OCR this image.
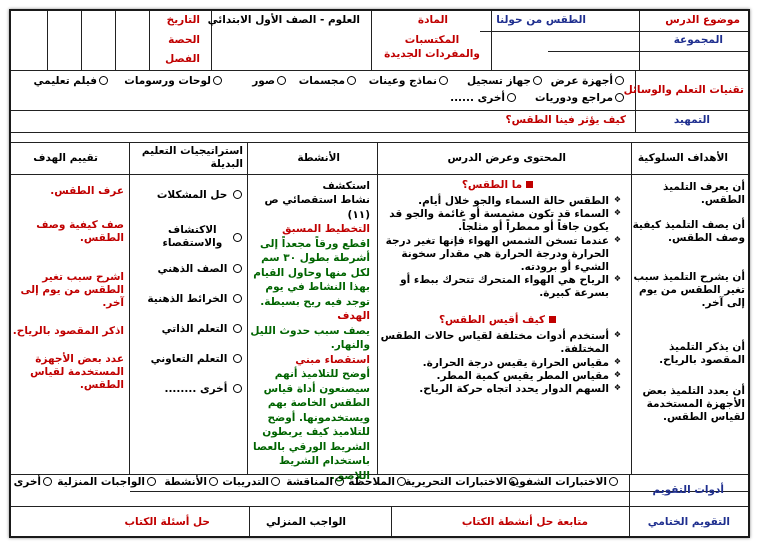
موضوع الدرس
المجموعة
الطقس من حولنا
المادة
المكتسبات والمفردات الجديدة
العلوم - الصف الأول الابتدائي
التاريخ
الحصة
الفصل
تقنيات التعلم والوسائل
أجهزة عرض
جهاز تسجيل
نماذج وعينات
مجسمات
صور
لوحات ورسومات
فيلم تعليمي
مراجع ودوريات
أخرى ......
التمهيد
كيف يؤثر فينا الطقس؟
الأهداف السلوكية
المحتوى وعرض الدرس
الأنشطة
استراتيجيات التعليم البديلة
تقييم الهدف
أن يعرف التلميذ الطقس.
أن يصف التلميذ كيفية وصف الطقس.
أن يشرح التلميذ سبب تغير الطقس من يوم إلى آخر.
أن يذكر التلميذ المقصود بالرياح.
أن يعدد التلميذ بعض الأجهزة المستخدمة لقياس الطقس.
ما الطقس؟
❖ الطقس حالة السماء والجو خلال أيام.
❖ السماء قد تكون مشمسة أو غائمة والجو قد يكون جافاً أو ممطراً أو مثلجاً.
❖ عندما تسخن الشمس الهواء فإنها تغير درجة الحرارة ودرجة الحرارة هي مقدار سخونة الشيء أو برودته.
❖ الرياح هي الهواء المتحرك تتحرك ببطء أو بسرعة كبيرة.
كيف أقيس الطقس؟
❖ أستخدم أدوات مختلفة لقياس حالات الطقس المختلفة.
❖ مقياس الحرارة يقيس درجة الحرارة.
❖ مقياس المطر يقيس كمية المطر.
❖ السهم الدوار يحدد اتجاه حركة الرياح.
استكشف
نشاط استقصائي ص (١١)
التخطيط المسبق
اقطع ورقاً مجعداً إلى أشرطة بطول ٣٠ سم لكل منها وحاول القيام بهذا النشاط في يوم توجد فيه ريح بسيطة.
الهدف
يصف سبب حدوث الليل والنهار.
استقصاء مبني
أوضح للتلاميذ أنهم سيصنعون أداة قياس الطقس الخاصة بهم ويستخدمونها. أوضح للتلاميذ كيف يربطون الشريط الورقي بالعصا باستخدام الشريط اللاصق.
حل المشكلات

الاكتشاف والاستقصاء
الصف الذهني
الخرائط الذهنية
التعلم الذاتي
التعلم التعاوني
أخرى ........
عرف الطقس.
صف كيفية وصف الطقس.
اشرح سبب تغير الطقس من يوم إلى آخر.
اذكر المقصود بالرياح.
عدد بعض الأجهزة المستخدمة لقياس الطقس.
أدوات التقويم
الاختبارات الشفوية
الاختبارات التحريرية
الملاحظة
المناقشة
التدريبات
الأنشطة
الواجبات المنزلية
أخرى
التقويم الختامي
متابعة حل أنشطة الكتاب
الواجب المنزلي
حل أسئلة الكتاب
